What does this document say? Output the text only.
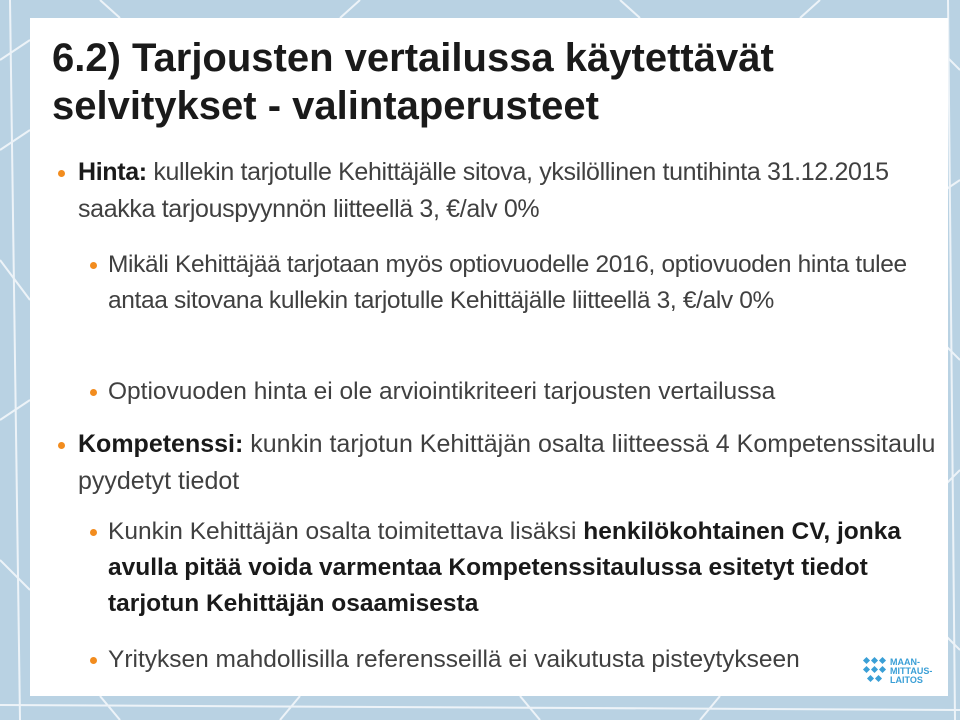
6.2) Tarjousten vertailussa käytettävät
selvitykset - valintaperusteet
Hinta: kullekin tarjotulle Kehittäjälle sitova, yksilöllinen tuntihinta 31.12.2015 saakka tarjouspyynnön liitteellä 3, €/alv 0%
Mikäli Kehittäjää tarjotaan myös optiovuodelle 2016, optiovuoden hinta tulee antaa sitovana kullekin tarjotulle Kehittäjälle liitteellä 3, €/alv 0%
Optiovuoden hinta ei ole arviointikriteeri tarjousten vertailussa
Kompetenssi: kunkin tarjotun Kehittäjän osalta liitteessä 4 Kompetenssitaulu pyydetyt tiedot
Kunkin Kehittäjän osalta toimitettava lisäksi henkilökohtainen CV, jonka avulla pitää voida varmentaa Kompetenssitaulussa esitetyt tiedot tarjotun Kehittäjän osaamisesta
Yrityksen mahdollisilla referensseillä ei vaikutusta pisteytykseen	MAAN-
MITTAUS-
LAITOS
